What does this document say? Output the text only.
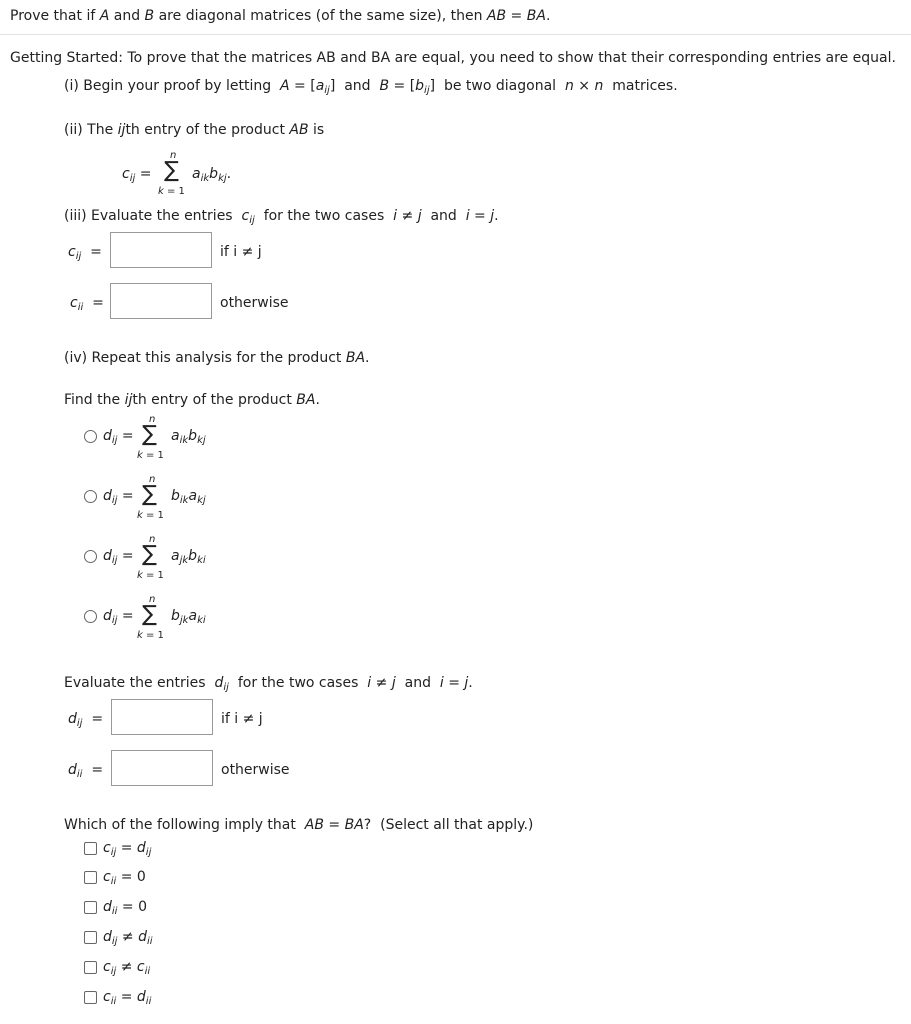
Prove that if A and B are diagonal matrices (of the same size), then AB = BA.
Getting Started: To prove that the matrices AB and BA are equal, you need to show that their corresponding entries are equal.
(i) Begin your proof by letting $A = [a_{ij}]$  and  $B = [b_{ij}]$  be two diagonal n × n matrices.
(ii) The ijth entry of the product AB is
n
$c_{ij}$ = ∑ $a_{ik}b_{kj}$.
k = 1
(iii) Evaluate the entries $c_{ij}$ for the two cases i ≠ j  and  i = j.
$c_{ij}$  =	if i ≠ j
$c_{ii}$  =	otherwise
(iv) Repeat this analysis for the product BA.
Find the ijth entry of the product BA.
$d_{ij}$ =
n
∑ $a_{ik}b_{kj}$
k = 1
$d_{ij}$ =
n
∑ $b_{ik}a_{kj}$
k = 1
$d_{ij}$ =
n
∑ $a_{jk}b_{ki}$
k = 1
$d_{ij}$ =
n
∑ $b_{jk}a_{ki}$
k = 1
Evaluate the entries $d_{ij}$ for the two cases i ≠ j  and  i = j.
$d_{ij}$  =	if i ≠ j
$d_{ii}$  =	otherwise
Which of the following imply that AB = BA?  (Select all that apply.)
$c_{ij} = d_{ij}$
$c_{ii} = 0$
$d_{ii} = 0$
$d_{ij} \ne d_{ii}$
$c_{ij} \ne c_{ii}$
$c_{ii} = d_{ii}$
